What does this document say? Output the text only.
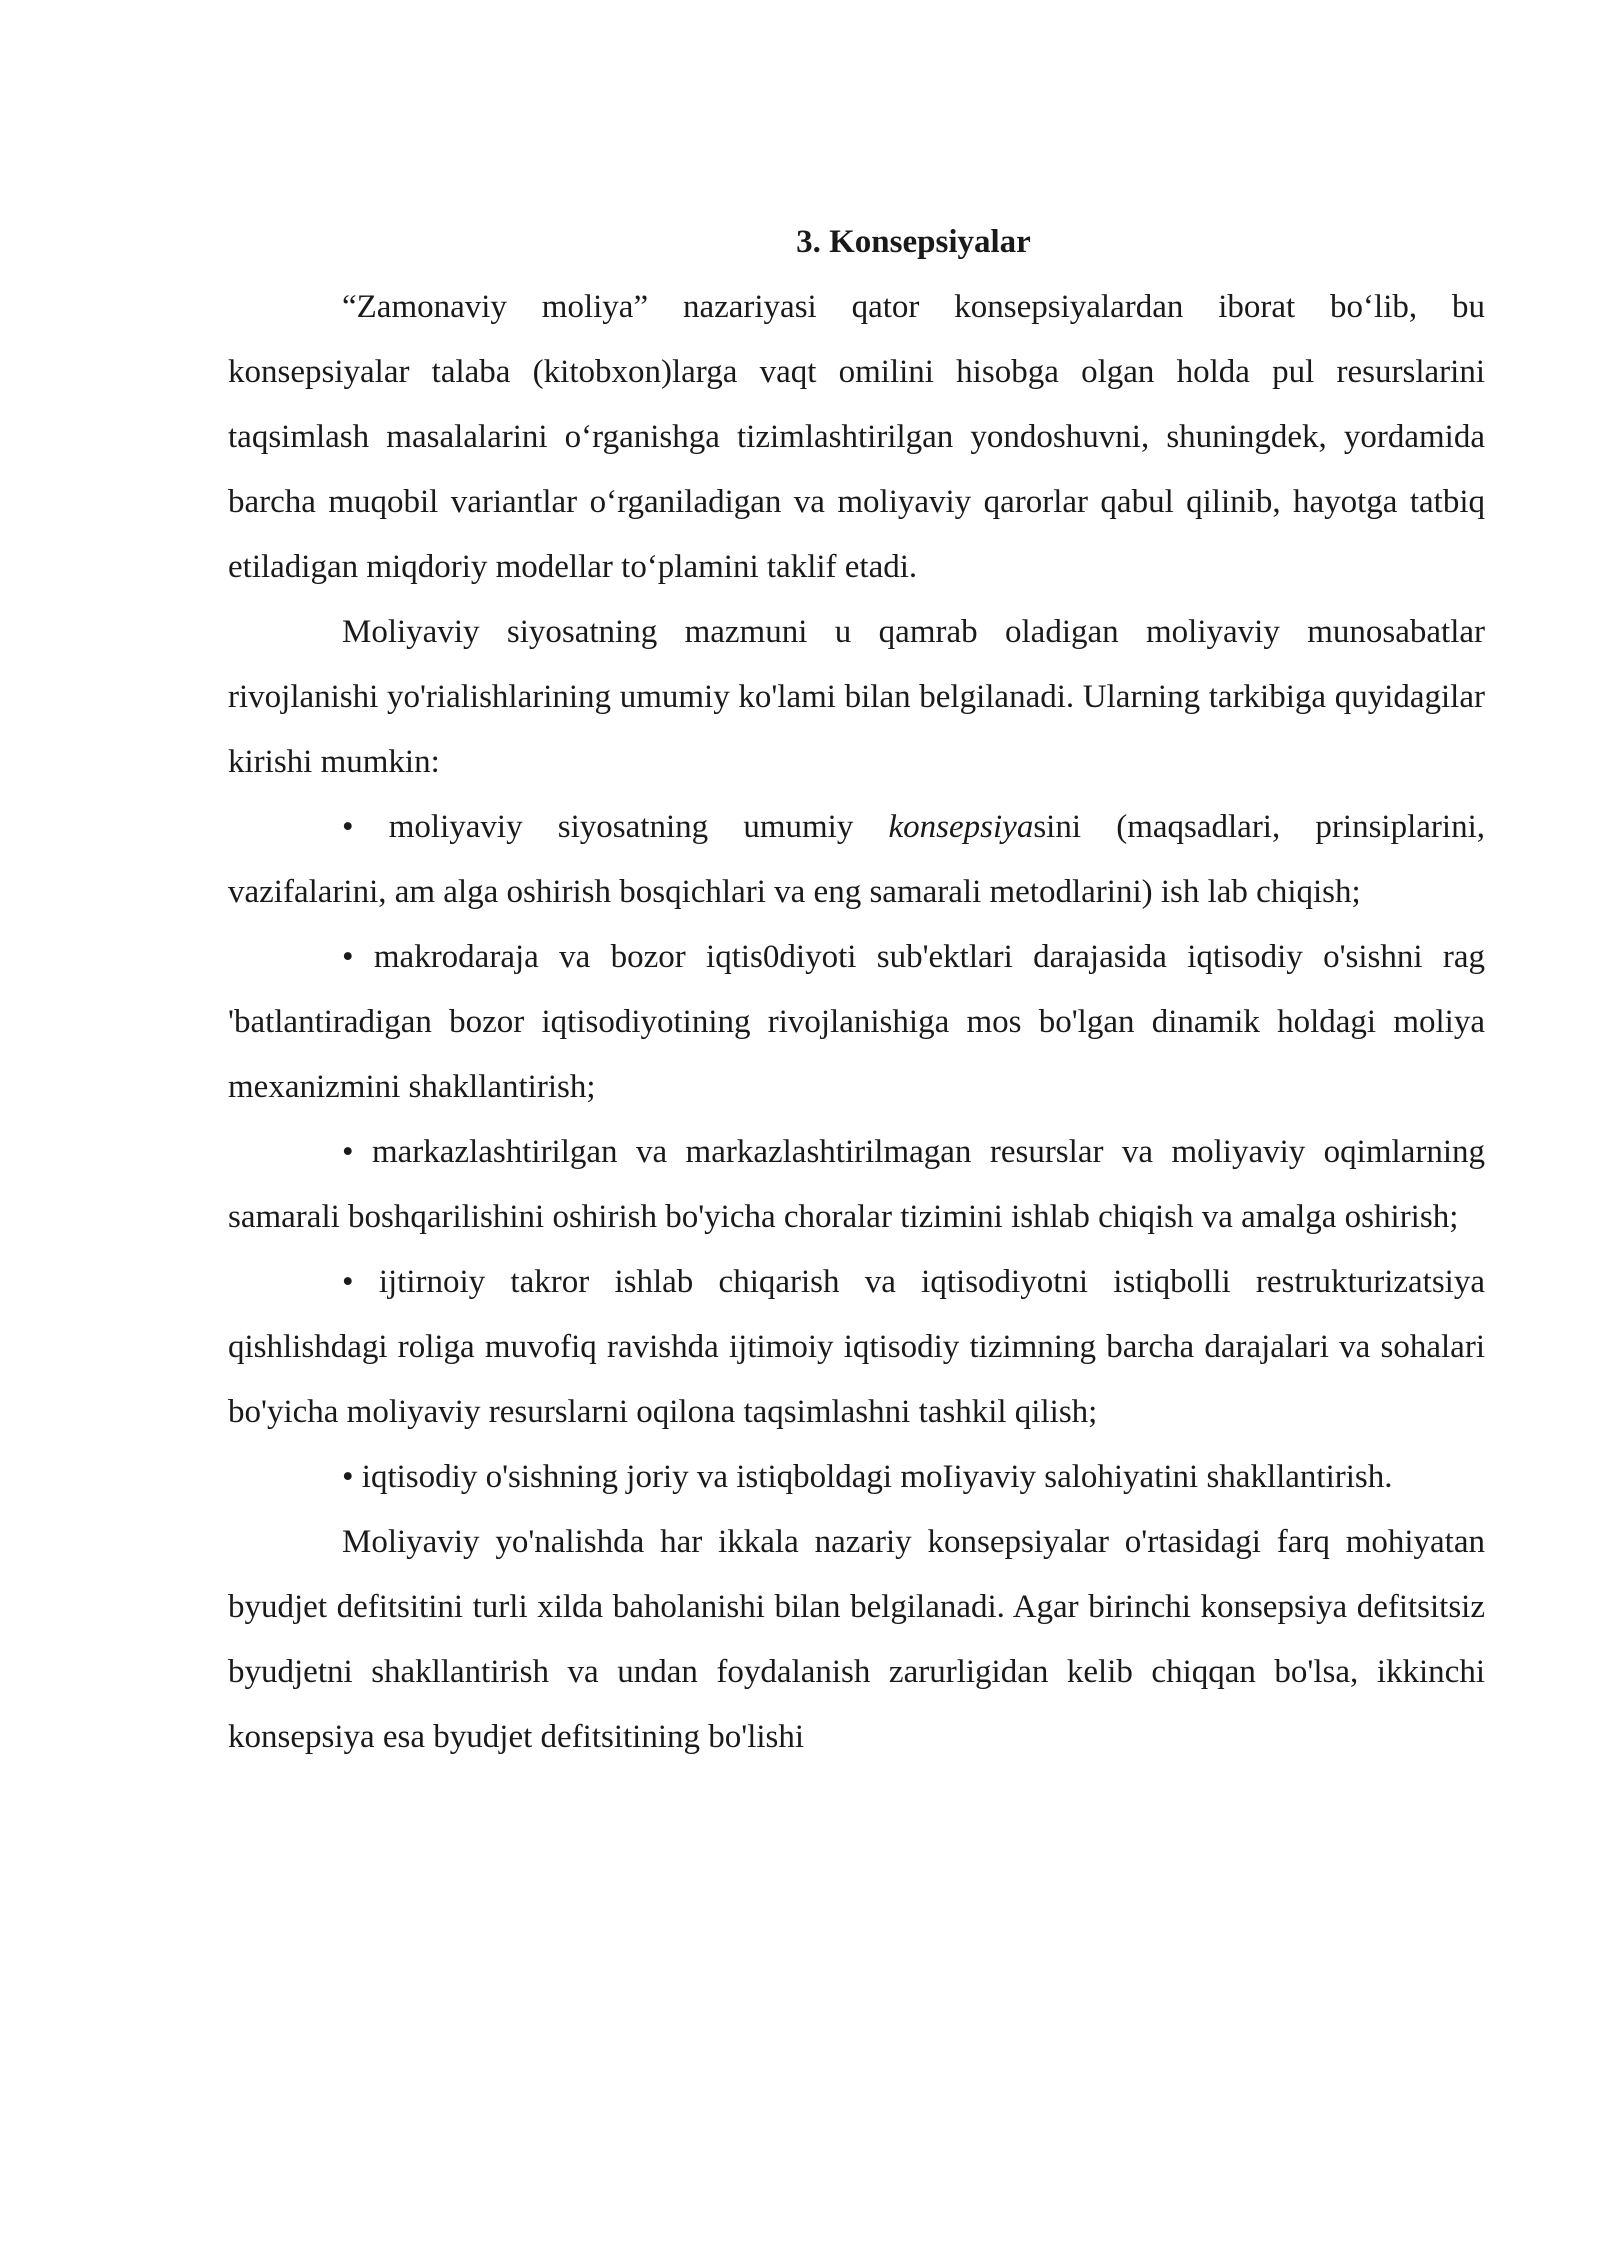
3. Konsepsiyalar

“Zamonaviy moliya” nazariyasi qator konsepsiyalardan iborat bo‘lib, bu konsepsiyalar talaba (kitobxon)larga vaqt omilini hisobga olgan holda pul resurslarini taqsimlash masalalarini o‘rganishga tizimlashtirilgan yondoshuvni, shuningdek, yordamida barcha muqobil variantlar o‘rganiladigan va moliyaviy qarorlar qabul qilinib, hayotga tatbiq etiladigan miqdoriy modellar to‘plamini taklif etadi.

Moliyaviy siyosatning mazmuni u qamrab oladigan moliyaviy munosabatlar rivojlanishi yo'rialishlarining umumiy ko'lami bilan belgilanadi. Ularning tarkibiga quyidagilar kirishi mumkin:

• moliyaviy siyosatning umumiy konsepsiyasini (maqsadlari, prinsiplarini, vazifalarini, am alga oshirish bosqichlari va eng samarali metodlarini) ish lab chiqish;

• makrodaraja va bozor iqtis0diyoti sub'ektlari darajasida iqtisodiy o'sishni rag 'batlantiradigan bozor iqtisodiyotining rivojlanishiga mos bo'lgan dinamik holdagi moliya mexanizmini shakllantirish;

• markazlashtirilgan va markazlashtirilmagan resurslar va moliyaviy oqimlarning samarali boshqarilishini oshirish bo'yicha choralar tizimini ishlab chiqish va amalga oshirish;

• ijtirnoiy takror ishlab chiqarish va iqtisodiyotni istiqbolli restrukturizatsiya qishlishdagi roliga muvofiq ravishda ijtimoiy iqtisodiy tizimning barcha darajalari va sohalari bo'yicha moliyaviy resurslarni oqilona taqsimlashni tashkil qilish;

• iqtisodiy o'sishning joriy va istiqboldagi moIiyaviy salohiyatini shakllantirish.

Moliyaviy yo'nalishda har ikkala nazariy konsepsiyalar o'rtasidagi farq mohiyatan byudjet defitsitini turli xilda baholanishi bilan belgilanadi. Agar birinchi konsepsiya defitsitsiz byudjetni shakllantirish va undan foydalanish zarurligidan kelib chiqqan bo'lsa, ikkinchi konsepsiya esa byudjet defitsitining bo'lishi
